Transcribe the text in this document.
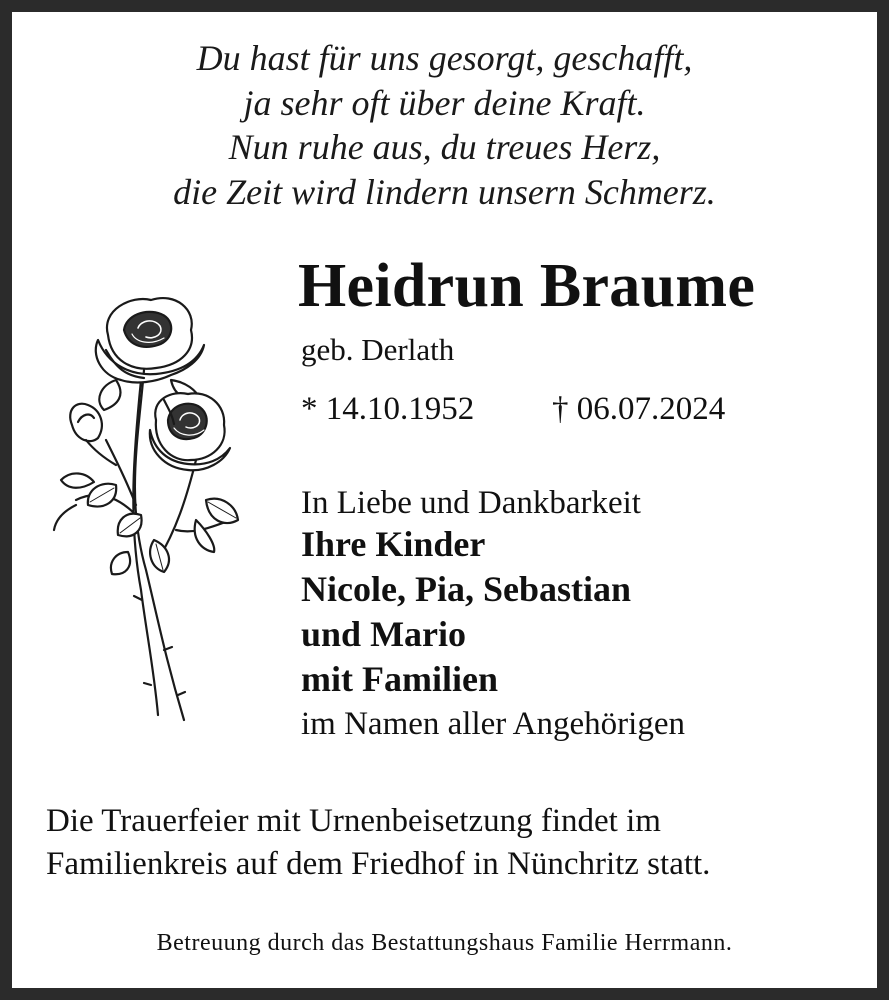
Du hast für uns gesorgt, geschafft,
ja sehr oft über deine Kraft.
Nun ruhe aus, du treues Herz,
die Zeit wird lindern unsern Schmerz.
Heidrun Braume
geb. Derlath
* 14.10.1952 † 06.07.2024
In Liebe und Dankbarkeit
Ihre Kinder
Nicole, Pia, Sebastian
und Mario
mit Familien
im Namen aller Angehörigen
Die Trauerfeier mit Urnenbeisetzung findet im
Familienkreis auf dem Friedhof in Nünchritz statt.
Betreuung durch das Bestattungshaus Familie Herrmann.
